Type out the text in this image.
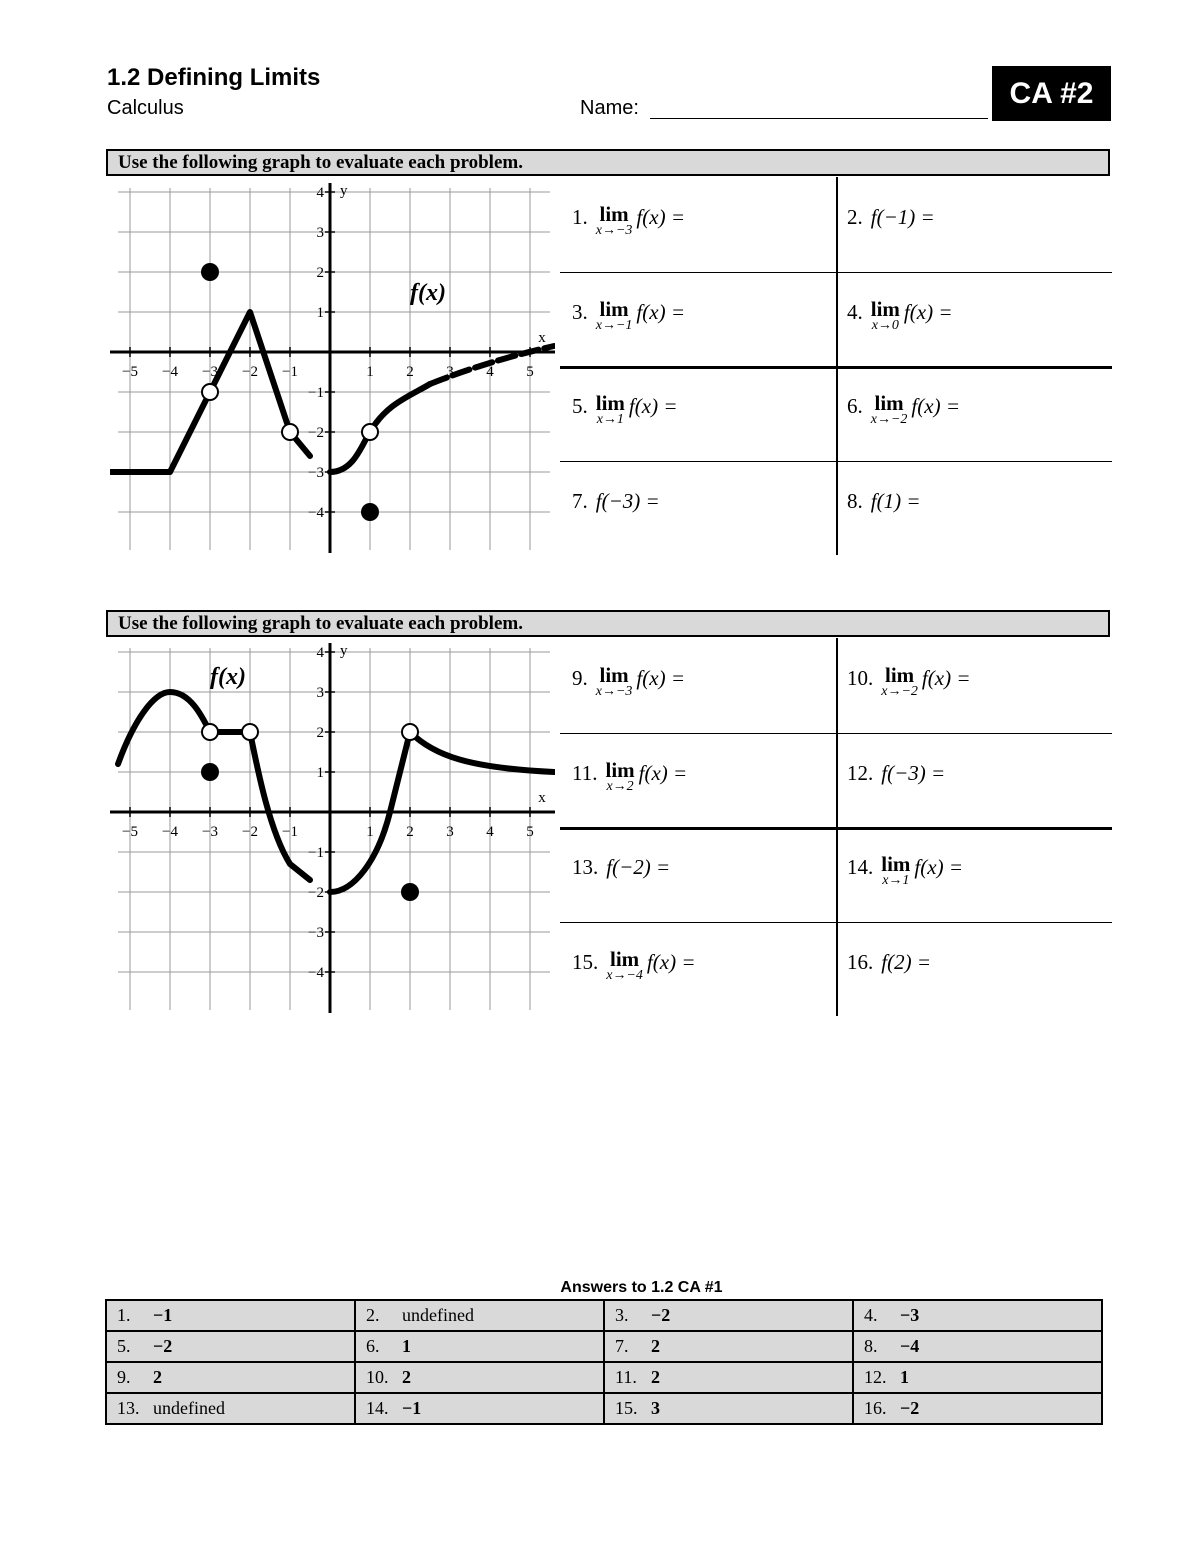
1.2 Defining Limits
Calculus	Name:	CA #2
Use the following graph to evaluate each problem.
−5 −4 −3 −2 −1	1 2 3 4 5
4
3
2
1
−1
−2
−3
−4
x
y
f(x)
Use the following graph to evaluate each problem.
−5 −4 −3 −2 −1	1 2 3 4 5
4
3
2
1
−1
−2
−3
−4
x
y
f(x)
1. lim
x→−3
f(x) =	2. f(−1) =
3. lim
x→−1
f(x) =	4. lim
x→0
f(x) =
5. lim
x→1
f(x) =	6. lim
x→−2
f(x) =
7. f(−3) =	8. f(1) =
9. lim
x→−3
f(x) =	10. lim
x→−2
f(x) =
11. lim
x→2
f(x) =	12. f(−3) =
13. f(−2) =	14. lim
x→1
f(x) =
15. lim
x→−4
f(x) =	16. f(2) =
Answers to 1.2 CA #1
1. −1	2. undefined	3. −2	4. −3
5. −2	6. 1	7. 2	8. −4
9. 2	10. 2	11. 2	12. 1
13. undefined	14. −1	15. 3	16. −2
